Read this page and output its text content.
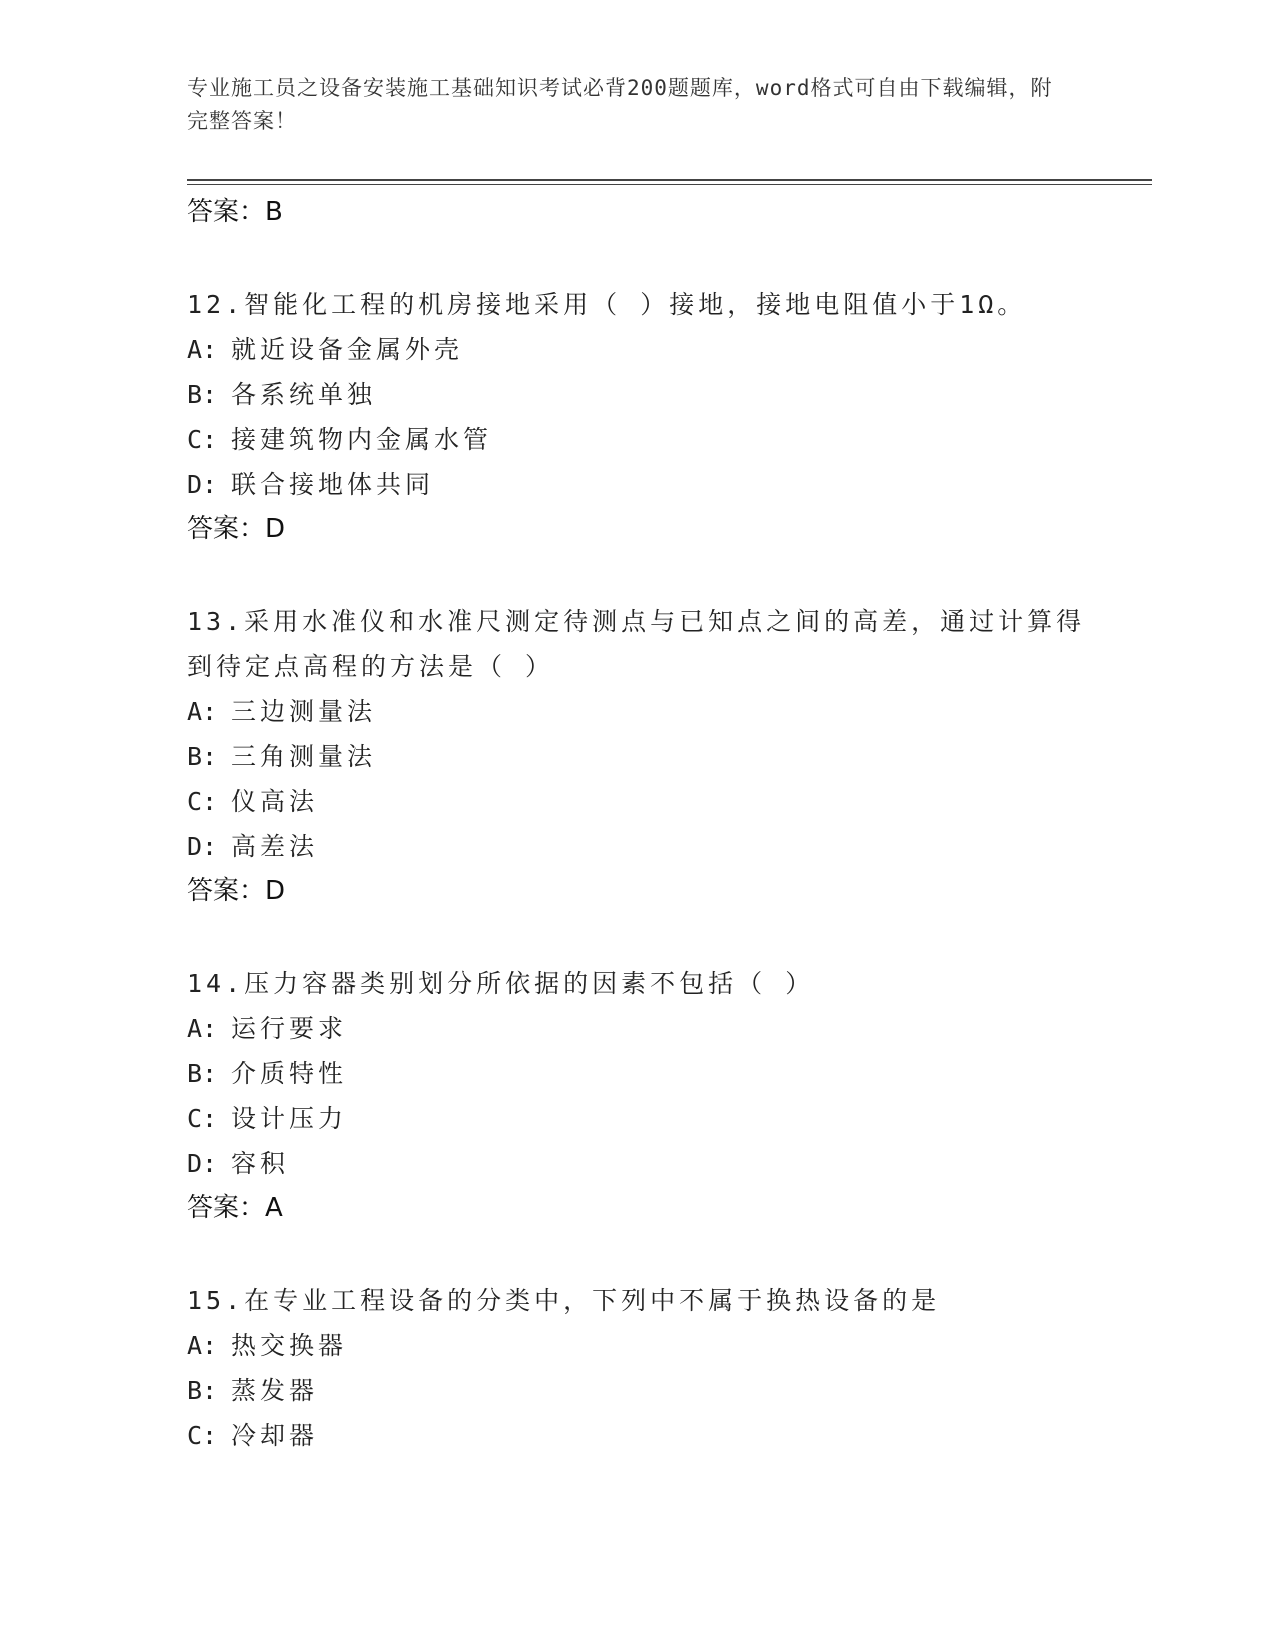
专业施工员之设备安装施工基础知识考试必背200题题库，word格式可自由下载编辑，附完整答案！
答案：B
12.智能化工程的机房接地采用（ ）接地，接地电阻值小于1Ω。
A: 就近设备金属外壳
B: 各系统单独
C: 接建筑物内金属水管
D: 联合接地体共同
答案：D
13.采用水准仪和水准尺测定待测点与已知点之间的高差，通过计算得到待定点高程的方法是（ ）
A: 三边测量法
B: 三角测量法
C: 仪高法
D: 高差法
答案：D
14.压力容器类别划分所依据的因素不包括（ ）
A: 运行要求
B: 介质特性
C: 设计压力
D: 容积
答案：A
15.在专业工程设备的分类中，下列中不属于换热设备的是
A: 热交换器
B: 蒸发器
C: 冷却器
